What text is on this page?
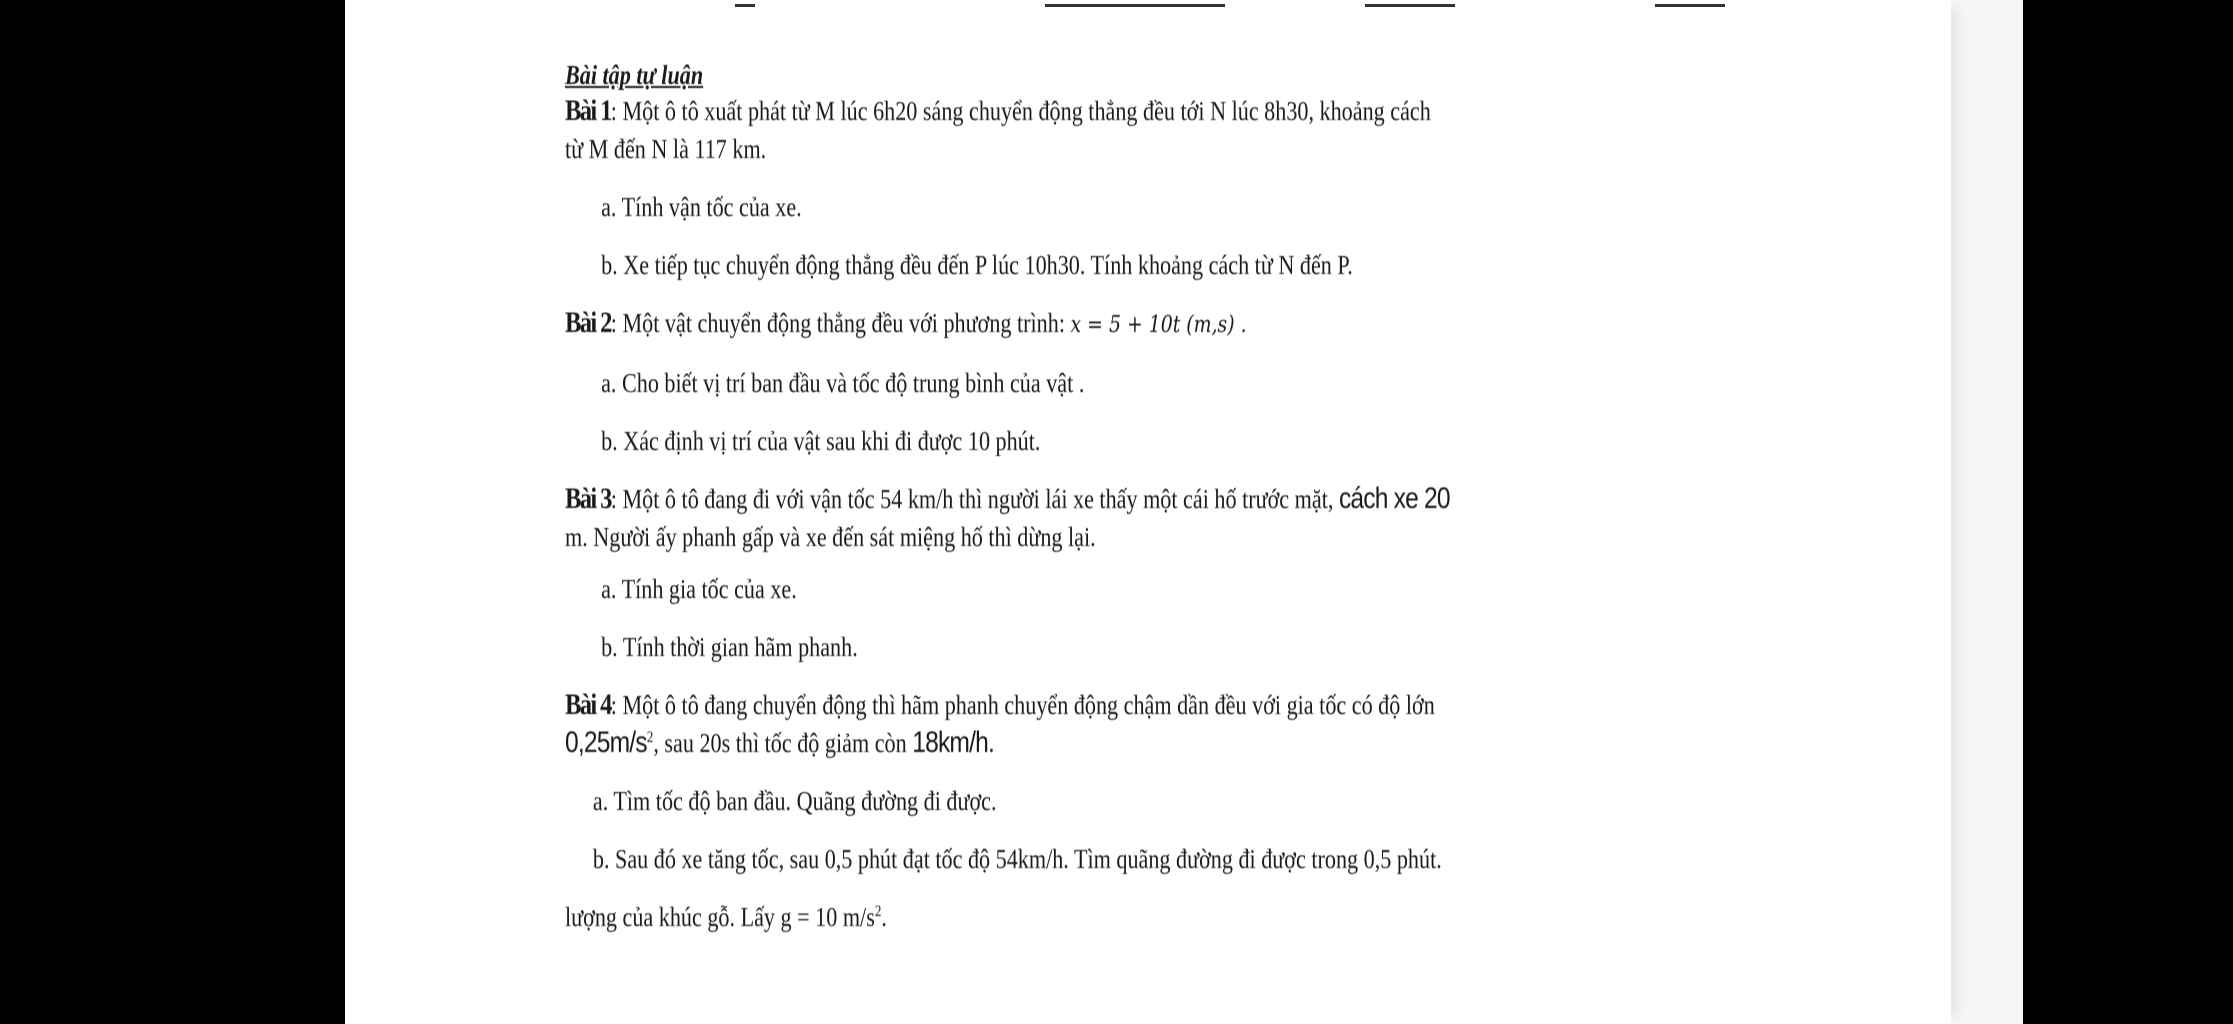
Bài tập tự luận

Bài 1: Một ô tô xuất phát từ M lúc 6h20 sáng chuyển động thẳng đều tới N lúc 8h30, khoảng cách

từ M đến N là 117 km.

a. Tính vận tốc của xe.

b. Xe tiếp tục chuyển động thẳng đều đến P lúc 10h30. Tính khoảng cách từ N đến P.

Bài 2: Một vật chuyển động thẳng đều với phương trình: x = 5 + 10t (m,s) .

a. Cho biết vị trí ban đầu và tốc độ trung bình của vật .

b. Xác định vị trí của vật sau khi đi được 10 phút.

Bài 3: Một ô tô đang đi với vận tốc 54 km/h thì người lái xe thấy một cái hố trước mặt, cách xe 20

m. Người ấy phanh gấp và xe đến sát miệng hố thì dừng lại.

a. Tính gia tốc của xe.

b. Tính thời gian hãm phanh.

Bài 4: Một ô tô đang chuyển động thì hãm phanh chuyển động chậm dần đều với gia tốc có độ lớn

$0,25m/s^2$, sau 20s thì tốc độ giảm còn 18km/h.

a. Tìm tốc độ ban đầu. Quãng đường đi được.

b. Sau đó xe tăng tốc, sau 0,5 phút đạt tốc độ 54km/h. Tìm quãng đường đi được trong 0,5 phút.

lượng của khúc gỗ. Lấy g = 10 $m/s^2$.
